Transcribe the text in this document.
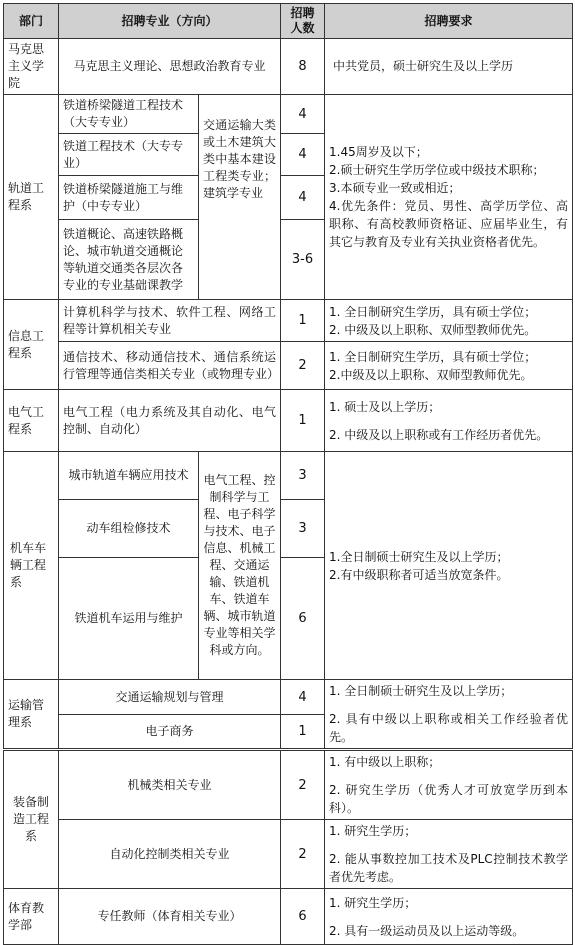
部门	招聘专业（方向）		招聘人数	招聘要求
马克思主义学院	马克思主义理论、思想政治教育专业		8	中共党员，硕士研究生及以上学历
轨道工程系	铁道桥梁隧道工程技术（大专专业）	交通运输大类或土木建筑大类中基本建设工程类专业；建筑学专业	4	1.45周岁及以下；

2.硕士研究生学历学位或中级技术职称；

3.本硕专业一致或相近；

4.优先条件：党员、男性、高学历学位、高职称、有高校教师资格证、应届毕业生，有其它与教育及专业有关执业资格者优先。

	铁道工程技术（大专专业）		4	
	铁道桥梁隧道施工与维护（中专专业）		4	
	铁道概论、高速铁路概论、城市轨道交通概论等轨道交通类各层次各专业的专业基础课教学		3-6	
信息工程系	计算机科学与技术、软件工程、网络工程等计算机相关专业		1	1. 全日制研究生学历，具有硕士学位；

2. 中级及以上职称、双师型教师优先。

	通信技术、移动通信技术、通信系统运行管理等通信类相关专业（或物理专业）		2	1. 全日制研究生学历，具有硕士学位；

2.中级及以上职称、双师型教师优先。

电气工程系	电气工程（电力系统及其自动化、电气控制、自动化）		1	1. 硕士及以上学历；

2. 中级及以上职称或有工作经历者优先。

机车车辆工程系	城市轨道车辆应用技术	电气工程、控制科学与工程、电子科学与技术、电子信息、机械工程、交通运输、铁道机车、铁道车辆、城市轨道专业等相关学科或方向。	3	1.全日制硕士研究生及以上学历；

2.有中级职称者可适当放宽条件。

	动车组检修技术		3	
	铁道机车运用与维护		6	
运输管理系	交通运输规划与管理		4	1. 全日制硕士研究生及以上学历；

2. 具有中级以上职称或相关工作经验者优先。

	电子商务		1	
装备制造工程系	机械类相关专业		2	1. 有中级以上职称；

2. 研究生学历（优秀人才可放宽学历到本科）。

	自动化控制类相关专业		2	1. 研究生学历；

2. 能从事数控加工技术及PLC控制技术教学者优先考虑。

体育教学部	专任教师（体育相关专业）		6	1. 研究生学历；

2. 具有一级运动员及以上运动等级。
